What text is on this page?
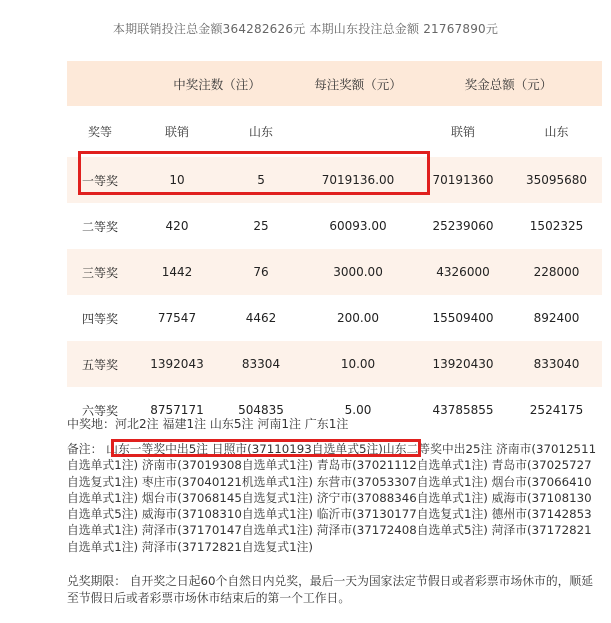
本期联销投注总金额364282626元 本期山东投注总金额 21767890元
	中奖注数（注）		每注奖额（元）	奖金总额（元）	
奖等	联销	山东		联销	山东
一等奖	10	5	7019136.00	70191360	35095680
二等奖	420	25	60093.00	25239060	1502325
三等奖	1442	76	3000.00	4326000	228000
四等奖	77547	4462	200.00	15509400	892400
五等奖	1392043	83304	10.00	13920430	833040
六等奖	8757171	504835	5.00	43785855	2524175
中奖地：河北2注 福建1注 山东5注 河南1注 广东1注
备注： 山东一等奖中出5注 日照市(37110193自选单式5注)山东二等奖中出25注 济南市(37012511自选单式1注) 济南市(37019308自选单式1注) 青岛市(37021112自选单式1注) 青岛市(37025727自选复式1注) 枣庄市(37040121机选单式1注) 东营市(37053307自选单式1注) 烟台市(37066410自选单式1注) 烟台市(37068145自选复式1注) 济宁市(37088346自选单式1注) 威海市(37108130自选单式5注) 威海市(37108310自选单式1注) 临沂市(37130177自选复式1注) 德州市(37142853自选单式1注) 菏泽市(37170147自选单式1注) 菏泽市(37172408自选单式5注) 菏泽市(37172821自选单式1注) 菏泽市(37172821自选复式1注)
兑奖期限： 自开奖之日起60个自然日内兑奖，最后一天为国家法定节假日或者彩票市场休市的，顺延至节假日后或者彩票市场休市结束后的第一个工作日。
